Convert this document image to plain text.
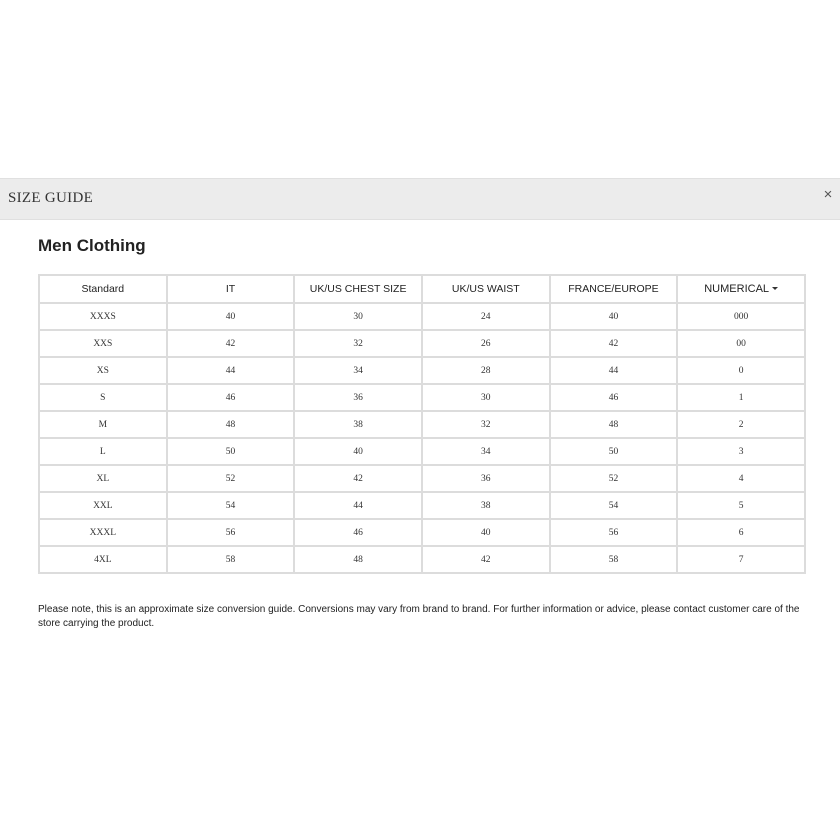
SIZE GUIDE	×
Men Clothing
Standard	IT	UK/US CHEST SIZE	UK/US WAIST	FRANCE/EUROPE	NUMERICAL
XXXS	40	30	24	40	000
XXS	42	32	26	42	00
XS	44	34	28	44	0
S	46	36	30	46	1
M	48	38	32	48	2
L	50	40	34	50	3
XL	52	42	36	52	4
XXL	54	44	38	54	5
XXXL	56	46	40	56	6
4XL	58	48	42	58	7
Please note, this is an approximate size conversion guide. Conversions may vary from brand to brand. For further information or advice, please contact customer care of the store carrying the product.
